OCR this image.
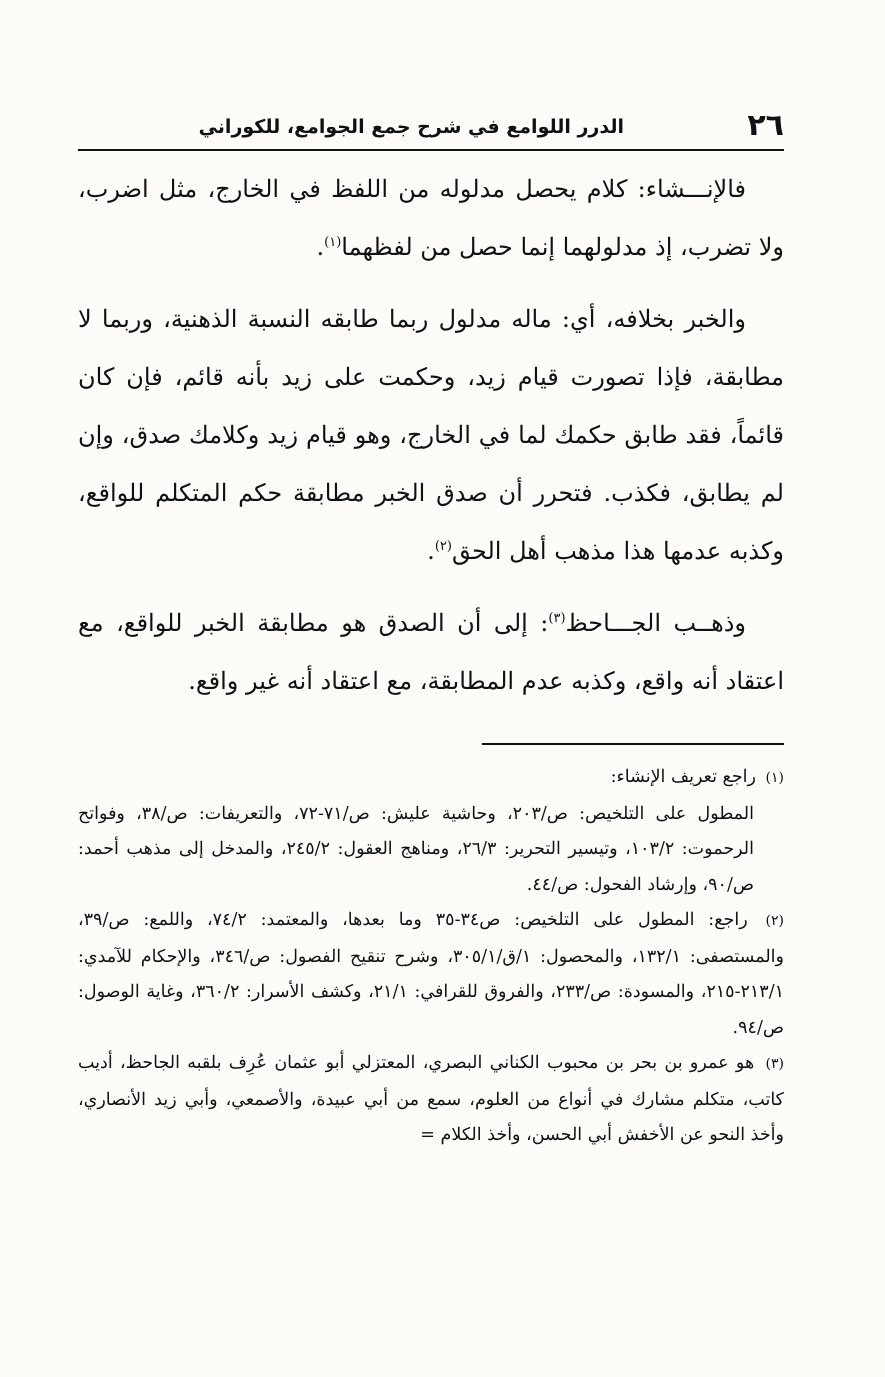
٢٦
الدرر اللوامع في شرح جمع الجوامع، للكوراني

فالإنـــشاء: كلام يحصل مدلوله من اللفظ في الخارج، مثل اضرب، ولا تضرب، إذ مدلولهما إنما حصل من لفظهما$^{(١)}$.

والخبر بخلافه، أي: ماله مدلول ربما طابقه النسبة الذهنية، وربما لا مطابقة، فإذا تصورت قيام زيد، وحكمت على زيد بأنه قائم، فإن كان قائماً، فقد طابق حكمك لما في الخارج، وهو قيام زيد وكلامك صدق، وإن لم يطابق، فكذب. فتحرر أن صدق الخبر مطابقة حكم المتكلم للواقع، وكذبه عدمها هذا مذهب أهل الحق$^{(٢)}$.

وذهــب الجـــاحظ$^{(٣)}$: إلى أن الصدق هو مطابقة الخبر للواقع، مع اعتقاد أنه واقع، وكذبه عدم المطابقة، مع اعتقاد أنه غير واقع.

(١) راجع تعريف الإنشاء:

المطول على التلخيص: ص/٢٠٣، وحاشية عليش: ص/٧١-٧٢، والتعريفات: ص/٣٨، وفواتح الرحموت: ١٠٣/٢، وتيسير التحرير: ٢٦/٣، ومناهج العقول: ٢٤٥/٢، والمدخل إلى مذهب أحمد: ص/٩٠، وإرشاد الفحول: ص/٤٤.

(٢) راجع: المطول على التلخيص: ص٣٤-٣٥ وما بعدها، والمعتمد: ٧٤/٢، واللمع: ص/٣٩، والمستصفى: ١٣٢/١، والمحصول: ١/ق/٣٠٥/١، وشرح تنقيح الفصول: ص/٣٤٦، والإحكام للآمدي: ٢١٣/١-٢١٥، والمسودة: ص/٢٣٣، والفروق للقرافي: ٢١/١، وكشف الأسرار: ٣٦٠/٢، وغاية الوصول: ص/٩٤.

(٣) هو عمرو بن بحر بن محبوب الكناني البصري، المعتزلي أبو عثمان عُرِف بلقبه الجاحظ، أديب كاتب، متكلم مشارك في أنواع من العلوم، سمع من أبي عبيدة، والأصمعي، وأبي زيد الأنصاري، وأخذ النحو عن الأخفش أبي الحسن، وأخذ الكلام =
